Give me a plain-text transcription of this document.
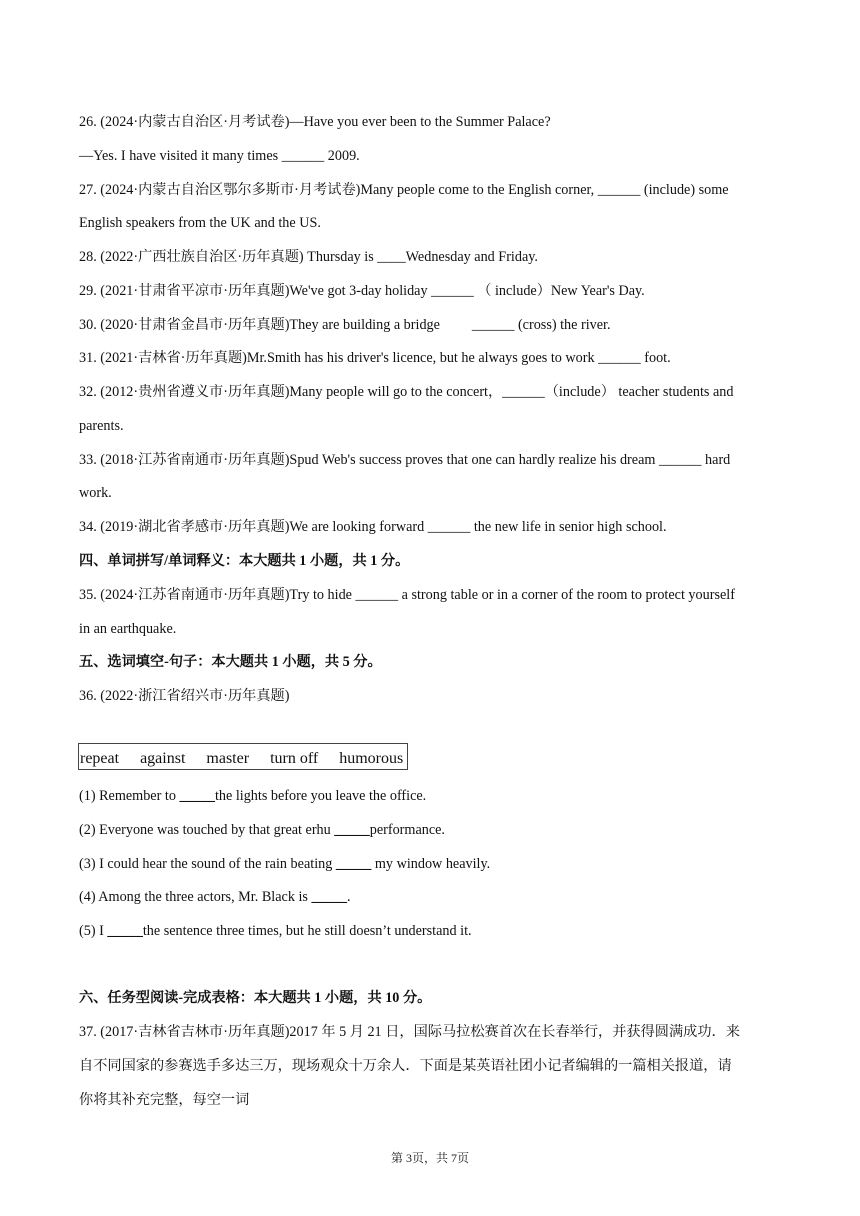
26. (2024·内蒙古自治区·月考试卷)—Have you ever been to the Summer Palace?
—Yes. I have visited it many times ______ 2009.
27. (2024·内蒙古自治区鄂尔多斯市·月考试卷)Many people come to the English corner, ______ (include) some
English speakers from the UK and the US.
28. (2022·广西壮族自治区·历年真题) Thursday is ____Wednesday and Friday.
29. (2021·甘肃省平凉市·历年真题)We've got 3-day holiday ______ （ include）New Year's Day.
30. (2020·甘肃省金昌市·历年真题)They are building a bridge         ______ (cross) the river.
31. (2021·吉林省·历年真题)Mr.Smith has his driver's licence, but he always goes to work ______ foot.
32. (2012·贵州省遵义市·历年真题)Many people will go to the concert，______（include） teacher students and
parents.
33. (2018·江苏省南通市·历年真题)Spud Web's success proves that one can hardly realize his dream ______ hard
work.
34. (2019·湖北省孝感市·历年真题)We are looking forward ______ the new life in senior high school.
四、单词拼写/单词释义：本大题共 1 小题，共 1 分。
35. (2024·江苏省南通市·历年真题)Try to hide ______ a strong table or in a corner of the room to protect yourself
in an earthquake.
五、选词填空-句子：本大题共 1 小题，共 5 分。
36. (2022·浙江省绍兴市·历年真题)
repeat against master turn off humorous
(1) Remember to _____the lights before you leave the office.
(2) Everyone was touched by that great erhu _____performance.
(3) I could hear the sound of the rain beating _____ my window heavily.
(4) Among the three actors, Mr. Black is _____.
(5) I _____the sentence three times, but he still doesn’t understand it.
六、任务型阅读-完成表格：本大题共 1 小题，共 10 分。
37. (2017·吉林省吉林市·历年真题)2017 年 5 月 21 日，国际马拉松赛首次在长春举行，并获得圆满成功．来
自不同国家的参赛选手多达三万，现场观众十万余人．下面是某英语社团小记者编辑的一篇相关报道，请
你将其补充完整，每空一词
第 3页，共 7页
